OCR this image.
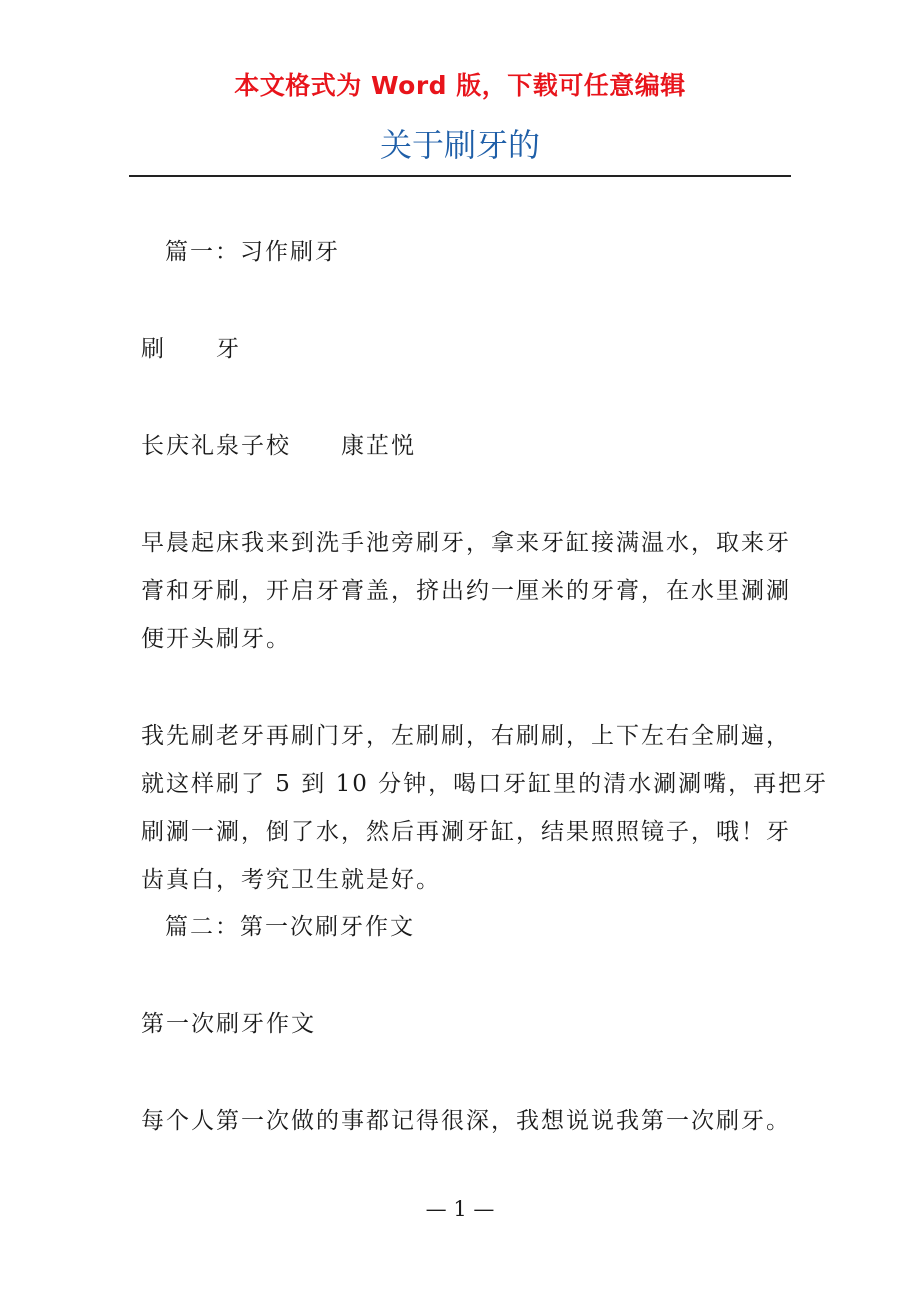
本文格式为 Word 版，下载可任意编辑
关于刷牙的
篇一：习作刷牙
刷　　牙
长庆礼泉子校　　康芷悦
早晨起床我来到洗手池旁刷牙，拿来牙缸接满温水，取来牙
膏和牙刷，开启牙膏盖，挤出约一厘米的牙膏，在水里涮涮
便开头刷牙。
我先刷老牙再刷门牙，左刷刷，右刷刷，上下左右全刷遍，
就这样刷了 5 到 10 分钟，喝口牙缸里的清水涮涮嘴，再把牙
刷涮一涮，倒了水，然后再涮牙缸，结果照照镜子，哦！牙
齿真白，考究卫生就是好。
篇二：第一次刷牙作文
第一次刷牙作文
每个人第一次做的事都记得很深，我想说说我第一次刷牙。
— 1 —
